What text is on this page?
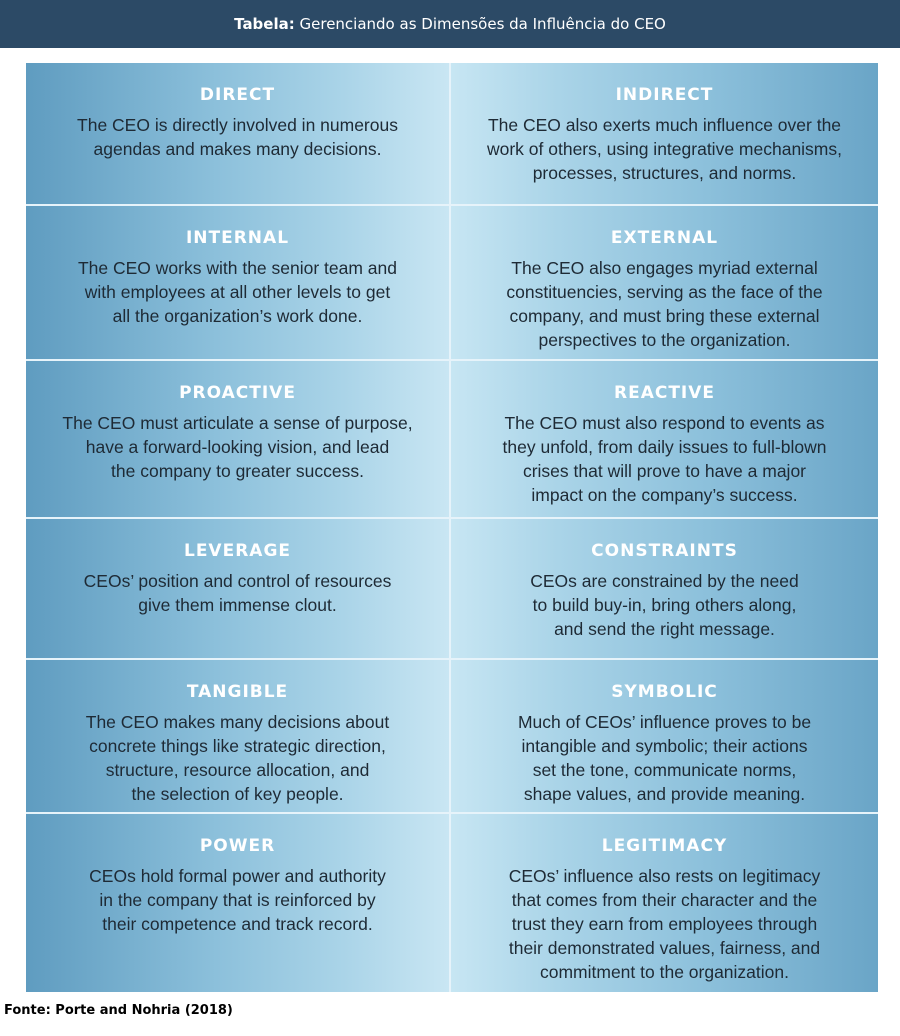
Tabela: Gerenciando as Dimensões da Influência do CEO
DIRECT
The CEO is directly involved in numerous
agendas and makes many decisions.
INDIRECT
The CEO also exerts much influence over the
work of others, using integrative mechanisms,
processes, structures, and norms.
INTERNAL
The CEO works with the senior team and
with employees at all other levels to get
all the organization’s work done.
EXTERNAL
The CEO also engages myriad external
constituencies, serving as the face of the
company, and must bring these external
perspectives to the organization.
PROACTIVE
The CEO must articulate a sense of purpose,
have a forward-looking vision, and lead
the company to greater success.
REACTIVE
The CEO must also respond to events as
they unfold, from daily issues to full-blown
crises that will prove to have a major
impact on the company’s success.
LEVERAGE
CEOs’ position and control of resources
give them immense clout.
CONSTRAINTS
CEOs are constrained by the need
to build buy-in, bring others along,
and send the right message.
TANGIBLE
The CEO makes many decisions about
concrete things like strategic direction,
structure, resource allocation, and
the selection of key people.
SYMBOLIC
Much of CEOs’ influence proves to be
intangible and symbolic; their actions
set the tone, communicate norms,
shape values, and provide meaning.
POWER
CEOs hold formal power and authority
in the company that is reinforced by
their competence and track record.
LEGITIMACY
CEOs’ influence also rests on legitimacy
that comes from their character and the
trust they earn from employees through
their demonstrated values, fairness, and
commitment to the organization.
Fonte: Porte and Nohria (2018)
